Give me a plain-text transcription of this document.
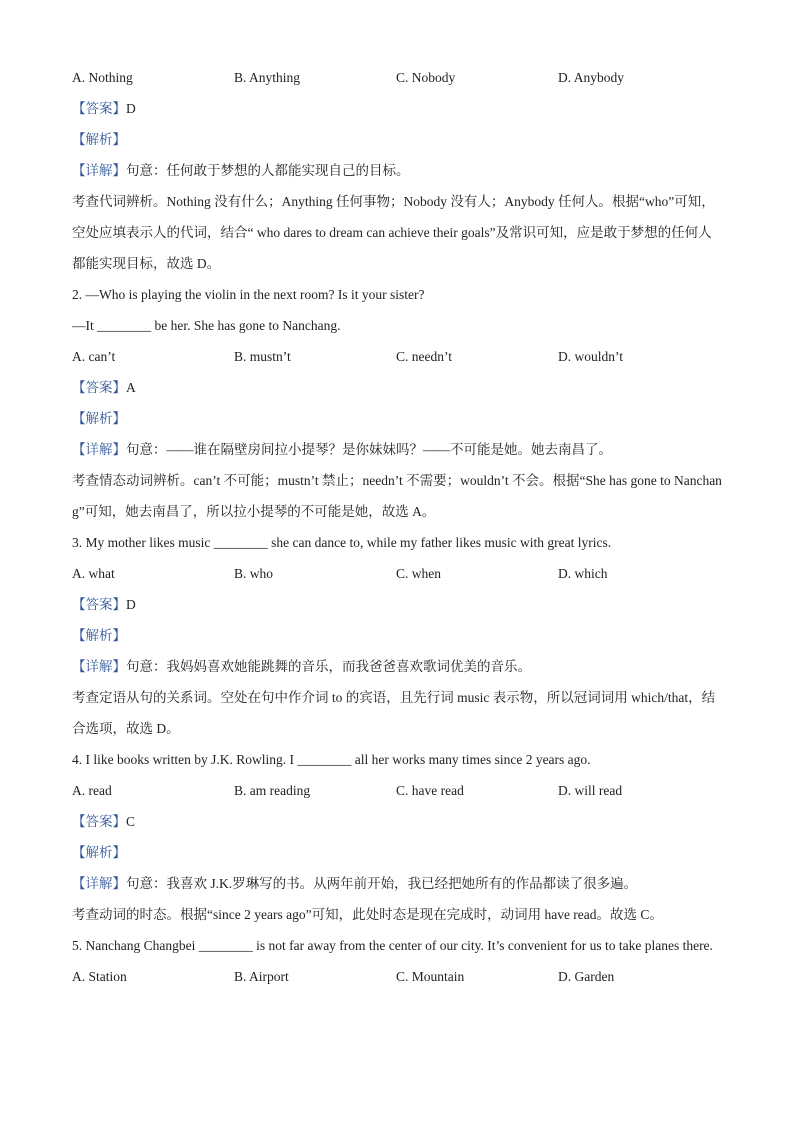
A. Nothing	B. Anything	C. Nobody	D. Anybody
【答案】D
【解析】
【详解】句意：任何敢于梦想的人都能实现自己的目标。
考查代词辨析。Nothing 没有什么；Anything 任何事物；Nobody 没有人；Anybody 任何人。根据“who”可知，空处应填表示人的代词，结合“ who dares to dream can achieve their goals”及常识可知，应是敢于梦想的任何人都能实现目标，故选 D。
2. —Who is playing the violin in the next room? Is it your sister?
—It ________ be her. She has gone to Nanchang.
A. can’t	B. mustn’t	C. needn’t	D. wouldn’t
【答案】A
【解析】
【详解】句意：——谁在隔壁房间拉小提琴？是你妹妹吗？——不可能是她。她去南昌了。
考查情态动词辨析。can’t 不可能；mustn’t 禁止；needn’t 不需要；wouldn’t 不会。根据“She has gone to Nanchang”可知，她去南昌了，所以拉小提琴的不可能是她，故选 A。
3. My mother likes music ________ she can dance to, while my father likes music with great lyrics.
A. what	B. who	C. when	D. which
【答案】D
【解析】
【详解】句意：我妈妈喜欢她能跳舞的音乐，而我爸爸喜欢歌词优美的音乐。
考查定语从句的关系词。空处在句中作介词 to 的宾语，且先行词 music 表示物，所以冠词词用 which/that，结合选项，故选 D。
4. I like books written by J.K. Rowling. I ________ all her works many times since 2 years ago.
A. read	B. am reading	C. have read	D. will read
【答案】C
【解析】
【详解】句意：我喜欢 J.K.罗琳写的书。从两年前开始，我已经把她所有的作品都读了很多遍。
考查动词的时态。根据“since 2 years ago”可知，此处时态是现在完成时，动词用 have read。故选 C。
5. Nanchang Changbei ________ is not far away from the center of our city. It’s convenient for us to take planes there.
A. Station	B. Airport	C. Mountain	D. Garden
